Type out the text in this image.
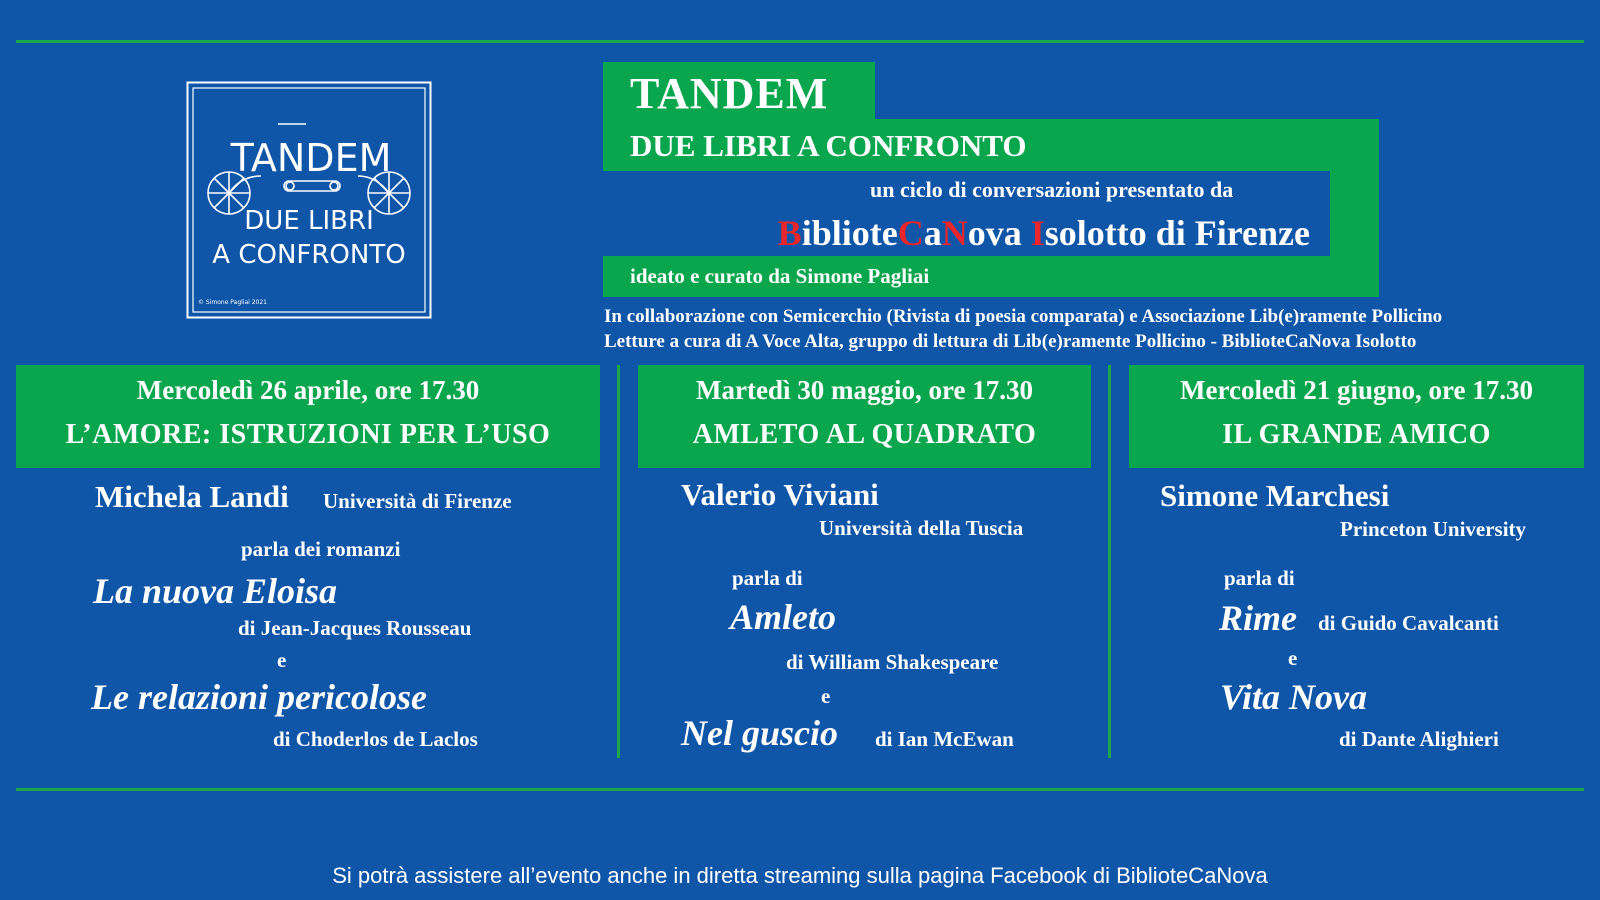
TANDEM
DUE LIBRI
A CONFRONTO
© Simone Pagliai 2021
TANDEM
DUE LIBRI A CONFRONTO
un ciclo di conversazioni presentato da
BiblioteCaNova Isolotto di Firenze
ideato e curato da Simone Pagliai
In collaborazione con Semicerchio (Rivista di poesia comparata) e Associazione Lib(e)ramente Pollicino
Letture a cura di A Voce Alta, gruppo di lettura di Lib(e)ramente Pollicino - BiblioteCaNova Isolotto
Mercoledì 26 aprile, ore 17.30
L’AMORE: ISTRUZIONI PER L’USO
Michela Landi Università di Firenze
parla dei romanzi
La nuova Eloisa
di Jean-Jacques Rousseau
e
Le relazioni pericolose
di Choderlos de Laclos
Martedì 30 maggio, ore 17.30
AMLETO AL QUADRATO
Valerio Viviani
Università della Tuscia
parla di
Amleto
di William Shakespeare
e
Nel guscio di Ian McEwan
Mercoledì 21 giugno, ore 17.30
IL GRANDE AMICO
Simone Marchesi
Princeton University
parla di
Rime di Guido Cavalcanti
e
Vita Nova
di Dante Alighieri
Si potrà assistere all’evento anche in diretta streaming sulla pagina Facebook di BiblioteCaNova
